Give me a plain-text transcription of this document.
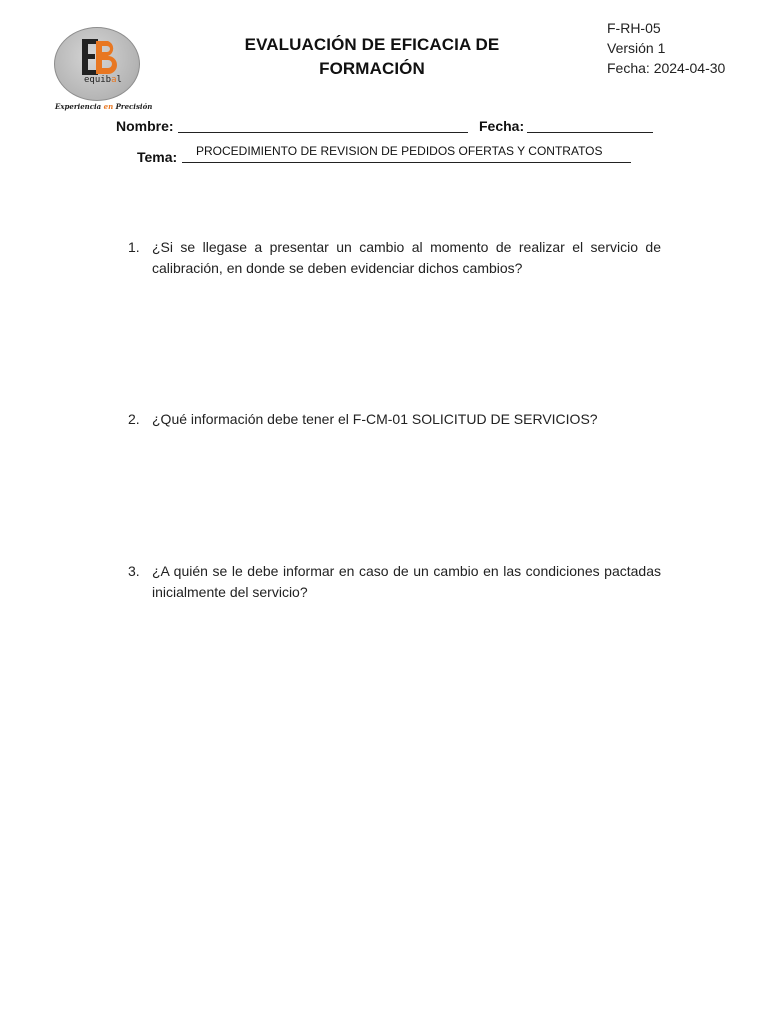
equibal
Experiencia en Precisión
EVALUACIÓN DE EFICACIA DE
FORMACIÓN
F-RH-05
Versión 1
Fecha: 2024-04-30
Nombre:	Fecha:
Tema: PROCEDIMIENTO DE REVISION DE PEDIDOS OFERTAS Y CONTRATOS
1. ¿Si se llegase a presentar un cambio al momento de realizar el servicio de calibración, en donde se deben evidenciar dichos cambios?
2. ¿Qué información debe tener el F-CM-01 SOLICITUD DE SERVICIOS?
3. ¿A quién se le debe informar en caso de un cambio en las condiciones pactadas inicialmente del servicio?
